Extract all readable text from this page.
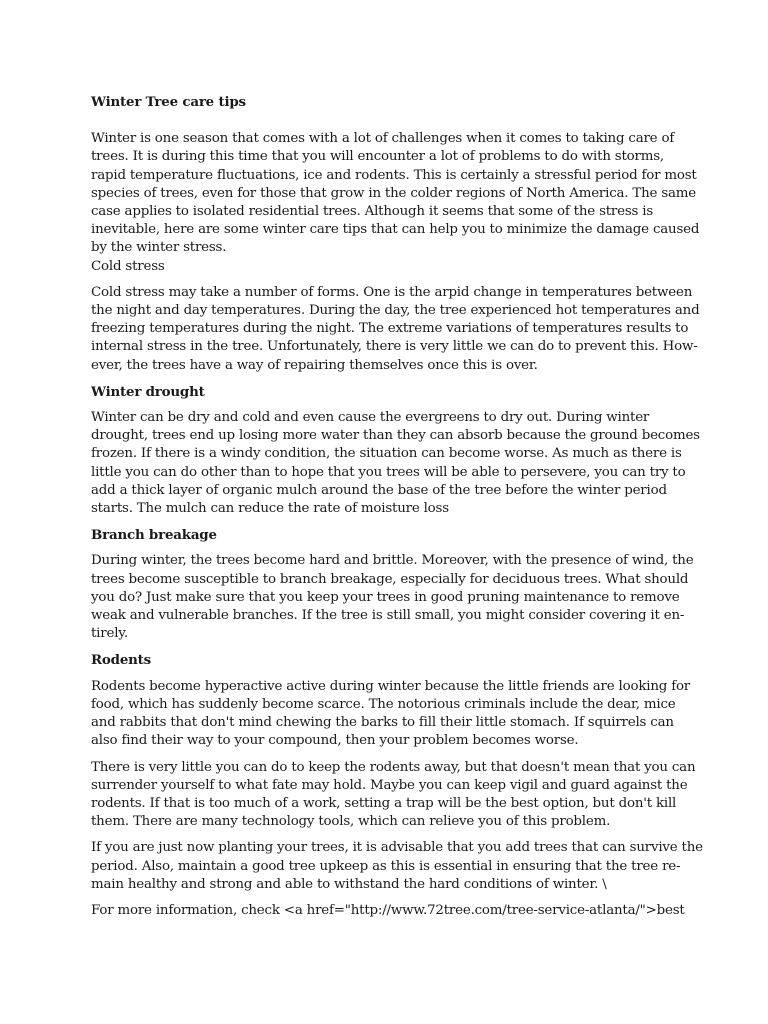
Winter Tree care tips
Winter is one season that comes with a lot of challenges when it comes to taking care of
trees. It is during this time that you will encounter a lot of problems to do with storms,
rapid temperature fluctuations, ice and rodents. This is certainly a stressful period for most
species of trees, even for those that grow in the colder regions of North America. The same
case applies to isolated residential trees. Although it seems that some of the stress is
inevitable, here are some winter care tips that can help you to minimize the damage caused
by the winter stress.
Cold stress
Cold stress may take a number of forms. One is the arpid change in temperatures between
the night and day temperatures. During the day, the tree experienced hot temperatures and
freezing temperatures during the night. The extreme variations of temperatures results to
internal stress in the tree. Unfortunately, there is very little we can do to prevent this. How-
ever, the trees have a way of repairing themselves once this is over.
Winter drought
Winter can be dry and cold and even cause the evergreens to dry out. During winter
drought, trees end up losing more water than they can absorb because the ground becomes
frozen. If there is a windy condition, the situation can become worse. As much as there is
little you can do other than to hope that you trees will be able to persevere, you can try to
add a thick layer of organic mulch around the base of the tree before the winter period
starts. The mulch can reduce the rate of moisture loss
Branch breakage
During winter, the trees become hard and brittle. Moreover, with the presence of wind, the
trees become susceptible to branch breakage, especially for deciduous trees. What should
you do? Just make sure that you keep your trees in good pruning maintenance to remove
weak and vulnerable branches. If the tree is still small, you might consider covering it en-
tirely.
Rodents
Rodents become hyperactive active during winter because the little friends are looking for
food, which has suddenly become scarce. The notorious criminals include the dear, mice
and rabbits that don't mind chewing the barks to fill their little stomach. If squirrels can
also find their way to your compound, then your problem becomes worse.
There is very little you can do to keep the rodents away, but that doesn't mean that you can
surrender yourself to what fate may hold. Maybe you can keep vigil and guard against the
rodents. If that is too much of a work, setting a trap will be the best option, but don't kill
them. There are many technology tools, which can relieve you of this problem.
If you are just now planting your trees, it is advisable that you add trees that can survive the
period. Also, maintain a good tree upkeep as this is essential in ensuring that the tree re-
main healthy and strong and able to withstand the hard conditions of winter. \
For more information, check <a href="http://www.72tree.com/tree-service-atlanta/">best
